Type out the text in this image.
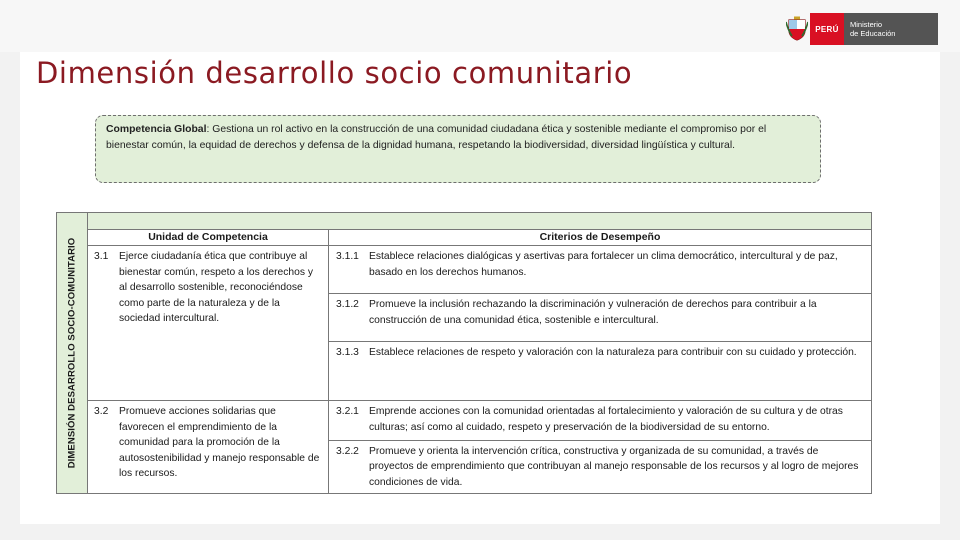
PERÚ	Ministerio
de Educación
Dimensión desarrollo socio comunitario
Competencia Global: Gestiona un rol activo en la construcción de una comunidad ciudadana ética y sostenible mediante el compromiso por el bienestar común, la equidad de derechos y defensa de la dignidad humana, respetando la biodiversidad, diversidad lingüística y cultural.
DIMENSIÓN DESARROLLO SOCIO-COMUNITARIO
Unidad de Competencia	Criterios de Desempeño
3.1	Ejerce ciudadanía ética que contribuye al bienestar común, respeto a los derechos y al desarrollo sostenible, reconociéndose como parte de la naturaleza y de la sociedad intercultural.
3.1.1 Establece relaciones dialógicas y asertivas para fortalecer un clima democrático, intercultural y de paz, basado en los derechos humanos.
3.1.2 Promueve la inclusión rechazando la discriminación y vulneración de derechos para contribuir a la construcción de una comunidad ética, sostenible e intercultural.
3.1.3 Establece relaciones de respeto y valoración con la naturaleza para contribuir con su cuidado y protección.
3.2	Promueve acciones solidarias que favorecen el emprendimiento de la comunidad para la promoción de la autosostenibilidad y manejo responsable de los recursos.
3.2.1 Emprende acciones con la comunidad orientadas al fortalecimiento y valoración de su cultura y de otras culturas; así como al cuidado, respeto y preservación de la biodiversidad de su entorno.
3.2.2 Promueve y orienta la intervención crítica, constructiva y organizada de su comunidad, a través de proyectos de emprendimiento que contribuyan al manejo responsable de los recursos y al logro de mejores condiciones de vida.
